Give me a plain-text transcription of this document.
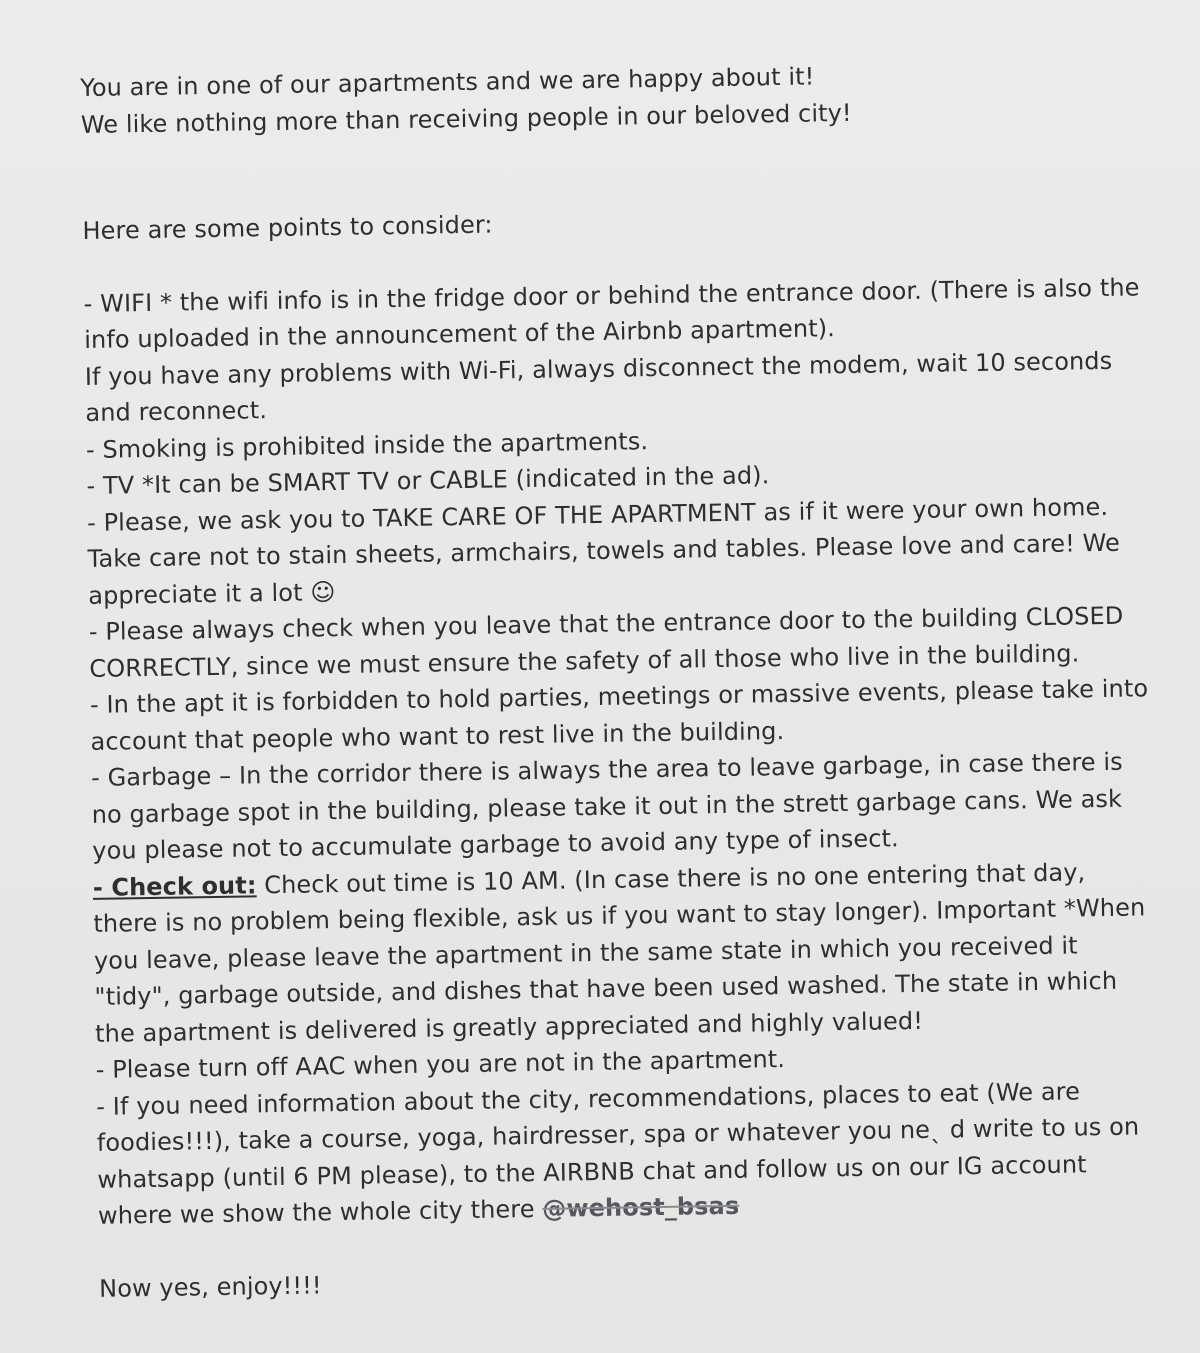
You are in one of our apartments and we are happy about it!

We like nothing more than receiving people in our beloved city!

Here are some points to consider:

- WIFI * the wifi info is in the fridge door or behind the entrance door. (There is also the info uploaded in the announcement of the Airbnb apartment).

If you have any problems with Wi-Fi, always disconnect the modem, wait 10 seconds and reconnect.

- Smoking is prohibited inside the apartments.

- TV *It can be SMART TV or CABLE (indicated in the ad).

- Please, we ask you to TAKE CARE OF THE APARTMENT as if it were your own home. Take care not to stain sheets, armchairs, towels and tables. Please love and care! We appreciate it a lot ☺

- Please always check when you leave that the entrance door to the building CLOSED CORRECTLY, since we must ensure the safety of all those who live in the building.

- In the apt it is forbidden to hold parties, meetings or massive events, please take into account that people who want to rest live in the building.

- Garbage – In the corridor there is always the area to leave garbage, in case there is no garbage spot in the building, please take it out in the strett garbage cans. We ask you please not to accumulate garbage to avoid any type of insect.

- Check out: Check out time is 10 AM. (In case there is no one entering that day, there is no problem being flexible, ask us if you want to stay longer). Important *When you leave, please leave the apartment in the same state in which you received it "tidy", garbage outside, and dishes that have been used washed. The state in which the apartment is delivered is greatly appreciated and highly valued!

- Please turn off AAC when you are not in the apartment.

- If you need information about the city, recommendations, places to eat (We are foodies!!!), take a course, yoga, hairdresser, spa or whatever you neˎ d write to us on whatsapp (until 6 PM please), to the AIRBNB chat and follow us on our IG account where we show the whole city there @wehost_bsas

Now yes, enjoy!!!!
